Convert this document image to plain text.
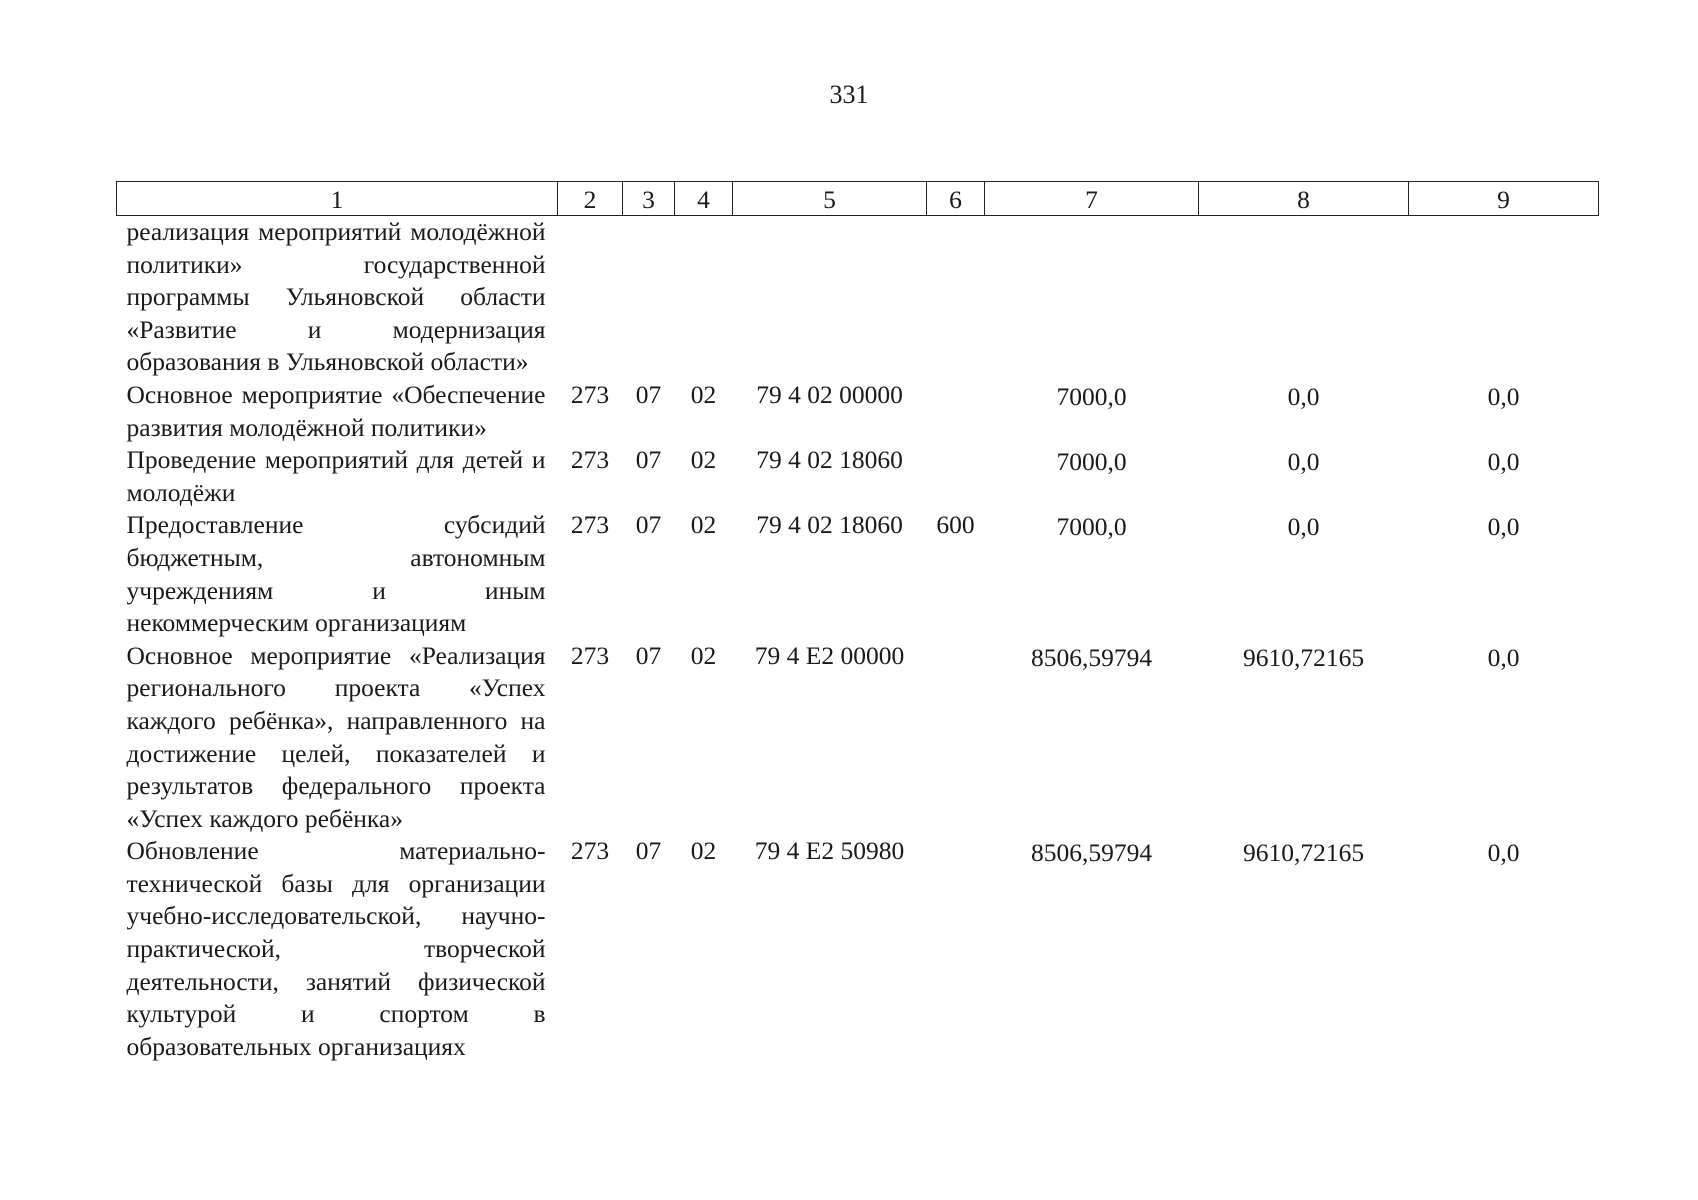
331
1	2	3	4	5	6	7	8	9
реализация мероприятий молодёжной политики» государственной программы Ульяновской области «Развитие и модернизация образования в Ульяновской области»								
Основное мероприятие «Обеспечение развития молодёжной политики»	273	07	02	79 4 02 00000		7000,0	0,0	0,0
Проведение мероприятий для детей и молодёжи	273	07	02	79 4 02 18060		7000,0	0,0	0,0
Предоставление субсидий бюджетным, автономным учреждениям и иным некоммерческим организациям	273	07	02	79 4 02 18060	600	7000,0	0,0	0,0
Основное мероприятие «Реализация регионального проекта «Успех каждого ребёнка», направленного на достижение целей, показателей и результатов федерального проекта «Успех каждого ребёнка»	273	07	02	79 4 E2 00000		8506,59794	9610,72165	0,0
Обновление материально-технической базы для организации учебно-исследовательской, научно-практической, творческой деятельности, занятий физической культурой и спортом в образовательных организациях	273	07	02	79 4 E2 50980		8506,59794	9610,72165	0,0
